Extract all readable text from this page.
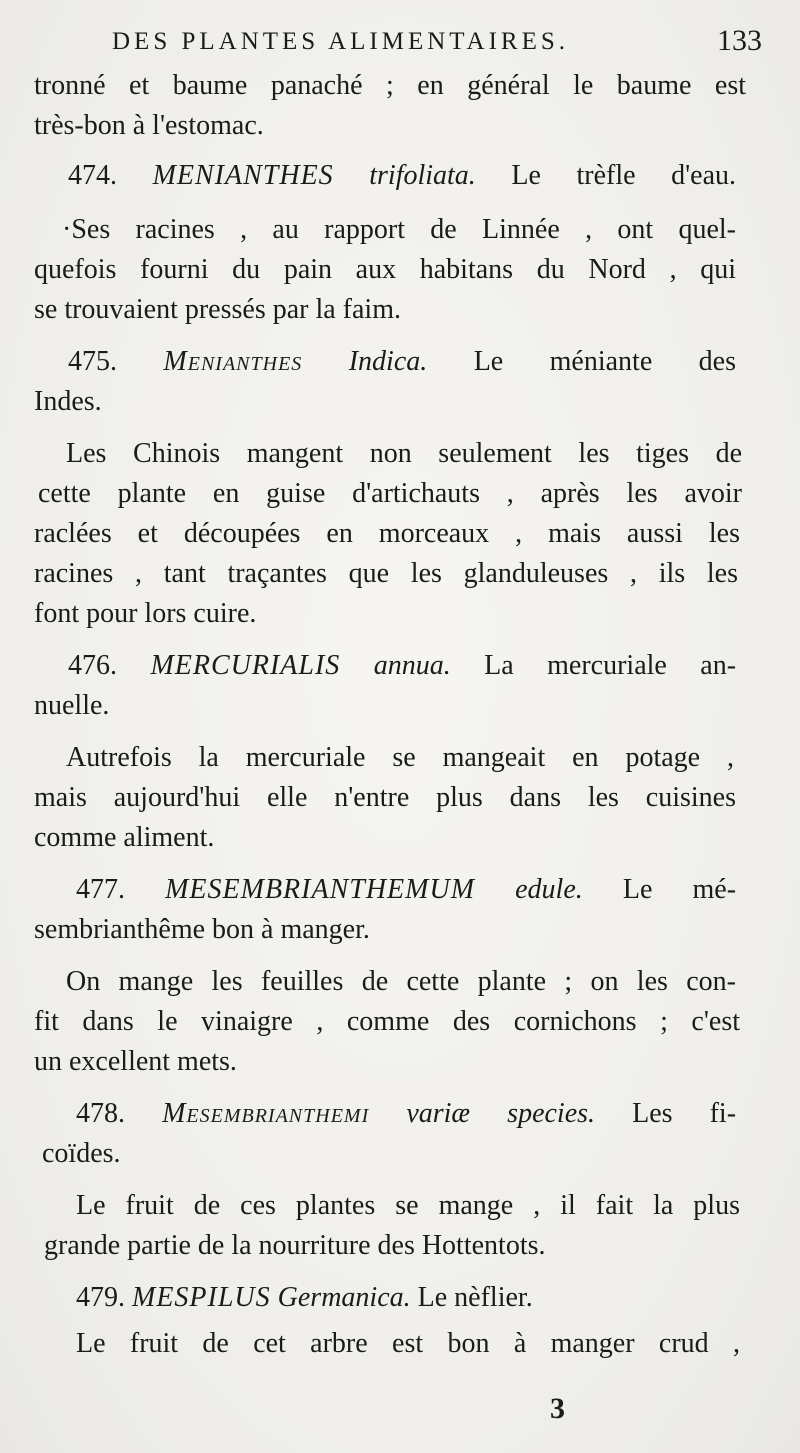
DES PLANTES ALIMENTAIRES.	133
tronné et baume panaché ; en général le baume est
très-bon à l'estomac.
474. MENIANTHES trifoliata. Le trèfle d'eau.
·Ses racines , au rapport de Linnée , ont quel-
quefois fourni du pain aux habitans du Nord , qui
se trouvaient pressés par la faim.
475. Menianthes Indica. Le méniante des
Indes.
Les Chinois mangent non seulement les tiges de
cette plante en guise d'artichauts , après les avoir
raclées et découpées en morceaux , mais aussi les
racines , tant traçantes que les glanduleuses , ils les
font pour lors cuire.
476. MERCURIALIS annua. La mercuriale an-
nuelle.
Autrefois la mercuriale se mangeait en potage ,
mais aujourd'hui elle n'entre plus dans les cuisines
comme aliment.
477. MESEMBRIANTHEMUM edule. Le mé-
sembrianthême bon à manger.
On mange les feuilles de cette plante ; on les con-
fit dans le vinaigre , comme des cornichons ; c'est
un excellent mets.
478. Mesembrianthemi variæ species. Les fi-
coïdes.
Le fruit de ces plantes se mange , il fait la plus
grande partie de la nourriture des Hottentots.
479. MESPILUS Germanica. Le nèflier.
Le fruit de cet arbre est bon à manger crud ,
3
